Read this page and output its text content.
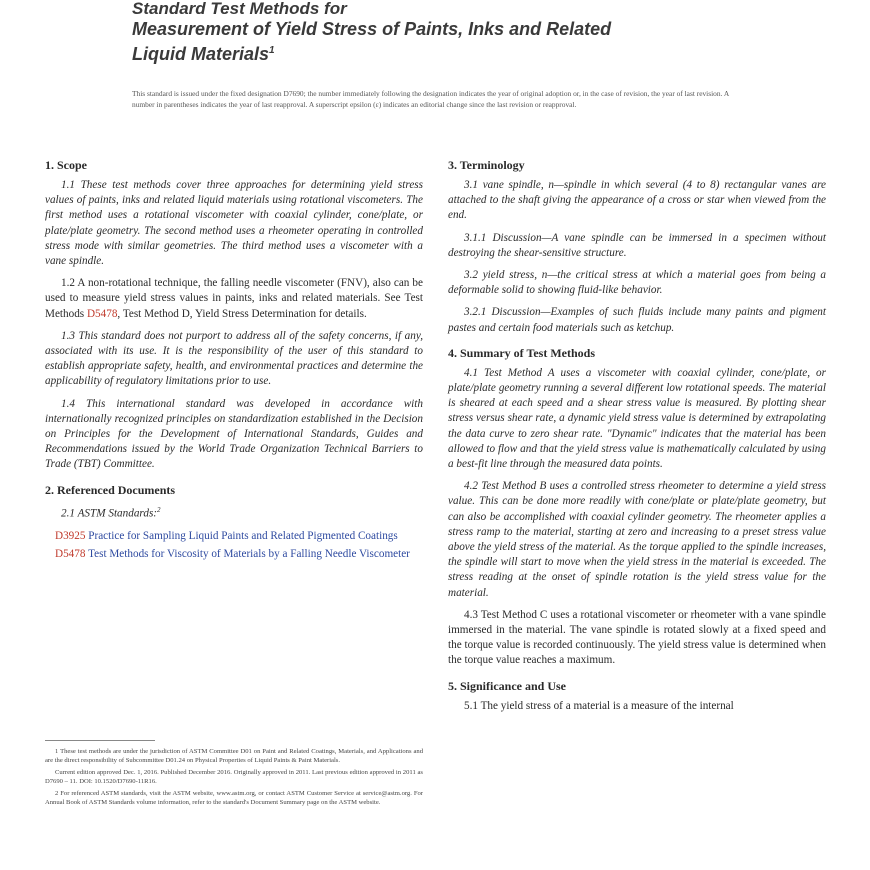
Standard Test Methods for
Measurement of Yield Stress of Paints, Inks and Related
Liquid Materials$^1$
This standard is issued under the fixed designation D7690; the number immediately following the designation indicates the year of original adoption or, in the case of revision, the year of last revision. A number in parentheses indicates the year of last reapproval. A superscript epsilon (ε) indicates an editorial change since the last revision or reapproval.
1. Scope

1.1 These test methods cover three approaches for determining yield stress values of paints, inks and related liquid materials using rotational viscometers. The first method uses a rotational viscometer with coaxial cylinder, cone/plate, or plate/plate geometry. The second method uses a rheometer operating in controlled stress mode with similar geometries. The third method uses a viscometer with a vane spindle.

1.2 A non-rotational technique, the falling needle viscometer (FNV), also can be used to measure yield stress values in paints, inks and related materials. See Test Methods D5478, Test Method D, Yield Stress Determination for details.

1.3 This standard does not purport to address all of the safety concerns, if any, associated with its use. It is the responsibility of the user of this standard to establish appropriate safety, health, and environmental practices and determine the applicability of regulatory limitations prior to use.

1.4 This international standard was developed in accordance with internationally recognized principles on standardization established in the Decision on Principles for the Development of International Standards, Guides and Recommendations issued by the World Trade Organization Technical Barriers to Trade (TBT) Committee.

2. Referenced Documents

2.1 ASTM Standards:$^2$

D3925 Practice for Sampling Liquid Paints and Related Pigmented Coatings
D5478 Test Methods for Viscosity of Materials by a Falling Needle Viscometer

1 These test methods are under the jurisdiction of ASTM Committee D01 on Paint and Related Coatings, Materials, and Applications and are the direct responsibility of Subcommittee D01.24 on Physical Properties of Liquid Paints & Paint Materials.

Current edition approved Dec. 1, 2016. Published December 2016. Originally approved in 2011. Last previous edition approved in 2011 as D7690 – 11. DOI: 10.1520/D7690-11R16.

2 For referenced ASTM standards, visit the ASTM website, www.astm.org, or contact ASTM Customer Service at service@astm.org. For Annual Book of ASTM Standards volume information, refer to the standard's Document Summary page on the ASTM website.

3. Terminology

3.1 vane spindle, n—spindle in which several (4 to 8) rectangular vanes are attached to the shaft giving the appearance of a cross or star when viewed from the end.

3.1.1 Discussion—A vane spindle can be immersed in a specimen without destroying the shear-sensitive structure.

3.2 yield stress, n—the critical stress at which a material goes from being a deformable solid to showing fluid-like behavior.

3.2.1 Discussion—Examples of such fluids include many paints and pigment pastes and certain food materials such as ketchup.

4. Summary of Test Methods

4.1 Test Method A uses a viscometer with coaxial cylinder, cone/plate, or plate/plate geometry running a several different low rotational speeds. The material is sheared at each speed and a shear stress value is measured. By plotting shear stress versus shear rate, a dynamic yield stress value is determined by extrapolating the data curve to zero shear rate. "Dynamic" indicates that the material has been allowed to flow and that the yield stress value is mathematically calculated by using a best-fit line through the measured data points.

4.2 Test Method B uses a controlled stress rheometer to determine a yield stress value. This can be done more readily with cone/plate or plate/plate geometry, but can also be accomplished with coaxial cylinder geometry. The rheometer applies a stress ramp to the material, starting at zero and increasing to a preset stress value above the yield stress of the material. As the torque applied to the spindle increases, the spindle will start to move when the yield stress in the material is exceeded. The stress reading at the onset of spindle rotation is the yield stress value for the material.

4.3 Test Method C uses a rotational viscometer or rheometer with a vane spindle immersed in the material. The vane spindle is rotated slowly at a fixed speed and the torque value is recorded continuously. The yield stress value is determined when the torque value reaches a maximum.

5. Significance and Use

5.1 The yield stress of a material is a measure of the internal
